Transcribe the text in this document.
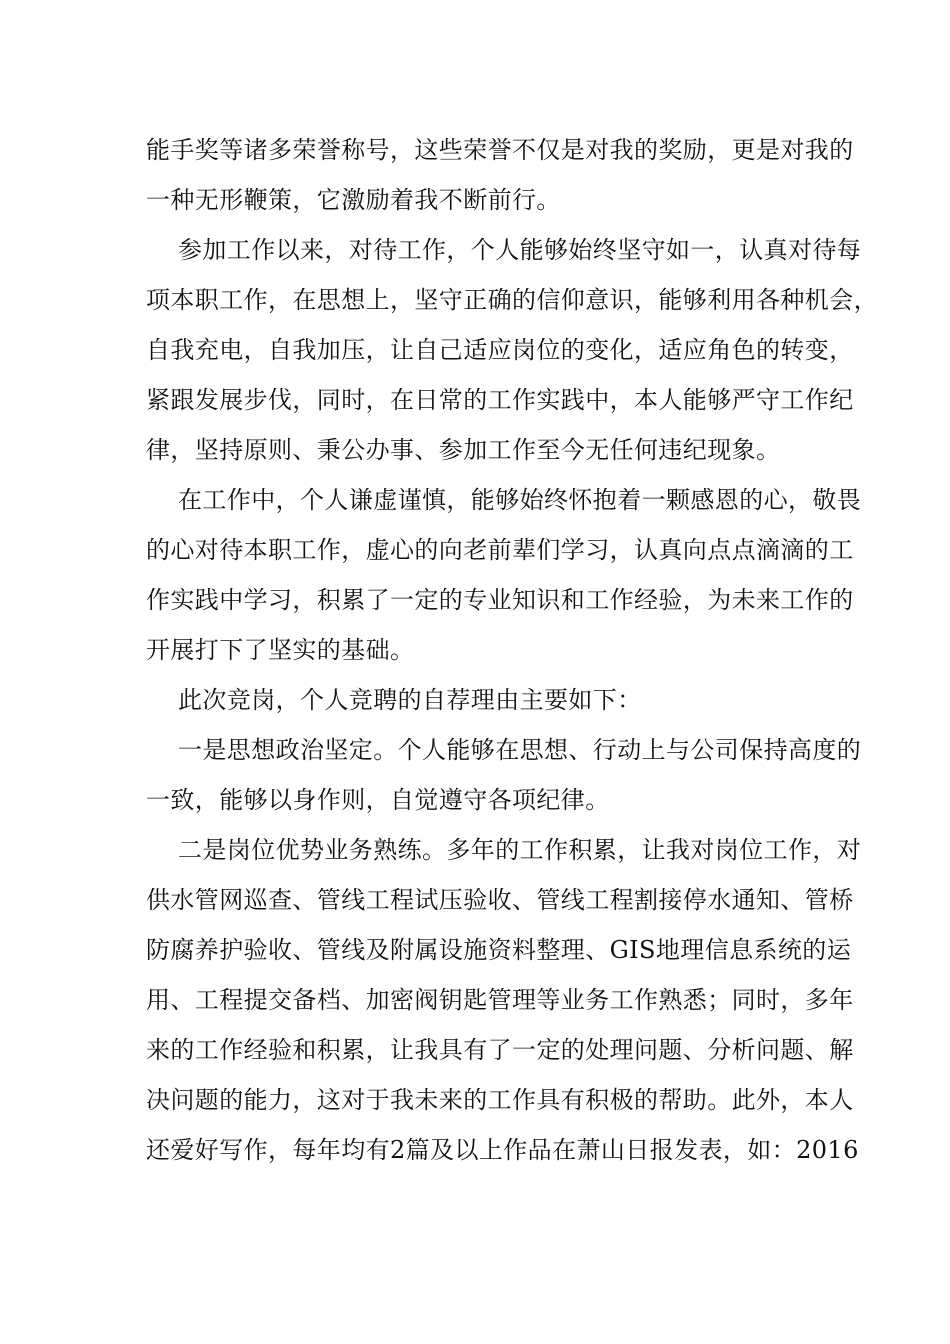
能手奖等诸多荣誉称号，这些荣誉不仅是对我的奖励，更是对我的
一种无形鞭策，它激励着我不断前行。
参加工作以来，对待工作，个人能够始终坚守如一，认真对待每
项本职工作，在思想上，坚守正确的信仰意识，能够利用各种机会，
自我充电，自我加压，让自己适应岗位的变化，适应角色的转变，
紧跟发展步伐，同时，在日常的工作实践中，本人能够严守工作纪
律，坚持原则、秉公办事、参加工作至今无任何违纪现象。
在工作中，个人谦虚谨慎，能够始终怀抱着一颗感恩的心，敬畏
的心对待本职工作，虚心的向老前辈们学习，认真向点点滴滴的工
作实践中学习，积累了一定的专业知识和工作经验，为未来工作的
开展打下了坚实的基础。
此次竞岗，个人竞聘的自荐理由主要如下：
一是思想政治坚定。个人能够在思想、行动上与公司保持高度的
一致，能够以身作则，自觉遵守各项纪律。
二是岗位优势业务熟练。多年的工作积累，让我对岗位工作，对
供水管网巡查、管线工程试压验收、管线工程割接停水通知、管桥
防腐养护验收、管线及附属设施资料整理、GIS地理信息系统的运
用、工程提交备档、加密阀钥匙管理等业务工作熟悉；同时，多年
来的工作经验和积累，让我具有了一定的处理问题、分析问题、解
决问题的能力，这对于我未来的工作具有积极的帮助。此外，本人
还爱好写作，每年均有2篇及以上作品在萧山日报发表，如：2016
